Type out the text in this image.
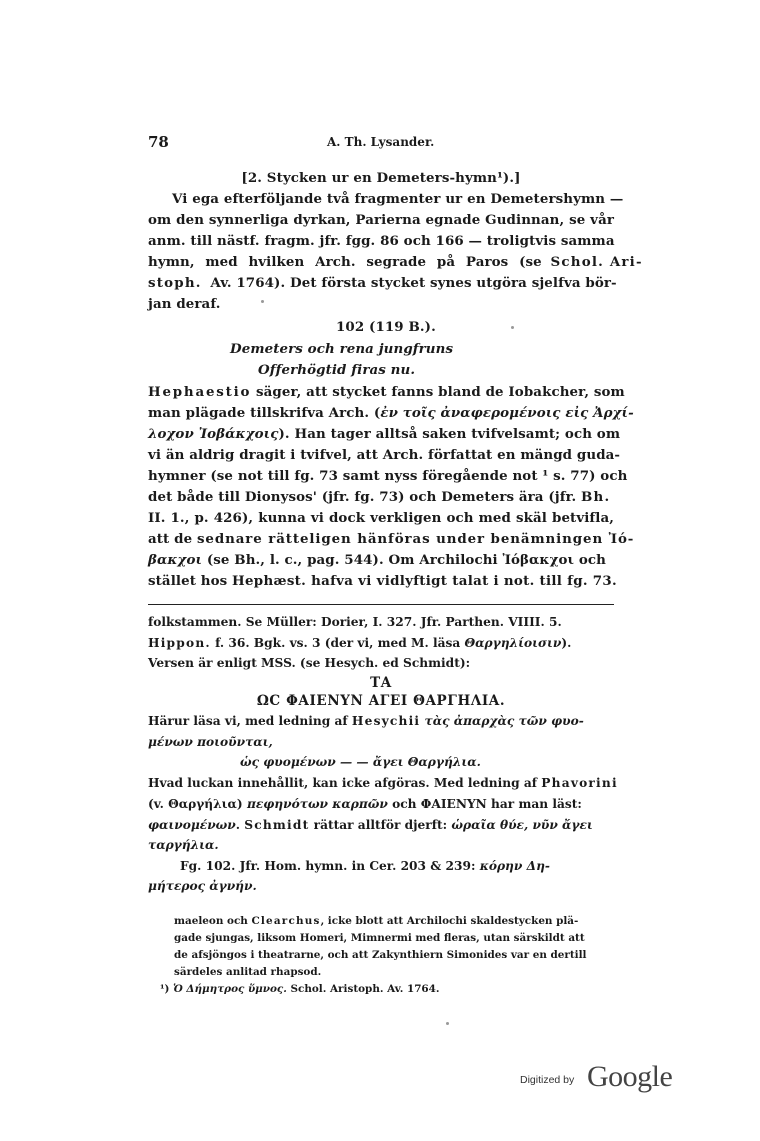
78	A. Th. Lysander.
[2. Stycken ur en Demeters-hymn¹).]
Vi ega efterföljande två fragmenter ur en Demetershymn —
om den synnerliga dyrkan, Parierna egnade Gudinnan, se vår
anm. till nästf. fragm. jfr. fgg. 86 och 166 — troligtvis samma
hymn, med hvilken Arch. segrade på Paros (se Schol. Ari-
stoph. Av. 1764). Det första stycket synes utgöra sjelfva bör-
jan deraf.
102 (119 B.).
Demeters och rena jungfruns
Offerhögtid firas nu.
Hephaestio säger, att stycket fanns bland de Iobakcher, som
man plägade tillskrifva Arch. (ἐν τοῖς ἀναφερομένοις εἰς Ἀρχί-
λοχον Ἰοβάκχοις). Han tager alltså saken tvifvelsamt; och om
vi än aldrig dragit i tvifvel, att Arch. författat en mängd guda-
hymner (se not till fg. 73 samt nyss föregående not ¹ s. 77) och
det både till Dionysos' (jfr. fg. 73) och Demeters ära (jfr. Bh.
II. 1., p. 426), kunna vi dock verkligen och med skäl betvifla,
att de sednare rätteligen hänföras under benämningen Ἰό-
βακχοι (se Bh., l. c., pag. 544). Om Archilochi Ἰόβακχοι och
stället hos Hephæst. hafva vi vidlyftigt talat i not. till fg. 73.
folkstammen. Se Müller: Dorier, I. 327. Jfr. Parthen. VIIII. 5.
Hippon. f. 36. Bgk. vs. 3 (der vi, med M. läsa Θαργηλίοισιν).
Versen är enligt MSS. (se Hesych. ed Schmidt):
ΤΑ
ΩC ΦΑΙΕΝΥΝ ΑΓΕΙ ΘΑΡΓΗΛΙΑ.
Härur läsa vi, med ledning af Hesychii τὰς ἀπαρχὰς τῶν φυο-
μένων ποιοῦνται,
ὡς φυομένων — — ἄγει Θαργήλια.
Hvad luckan innehållit, kan icke afgöras. Med ledning af Phavorini
(v. Θαργήλια) πεφηνότων καρπῶν och ΦΑΙΕΝΥΝ har man läst:
φαινομένων. Schmidt rättar alltför djerft: ὡραῖα θύε, νῦν ἄγει
ταργήλια.
Fg. 102. Jfr. Hom. hymn. in Cer. 203 & 239: κόρην Δη-
μήτερος ἀγνήν.
maeleon och Clearchus, icke blott att Archilochi skaldestycken plä-
gade sjungas, liksom Homeri, Mimnermi med fleras, utan särskildt att
de afsjöngos i theatrarne, och att Zakynthiern Simonides var en dertill
särdeles anlitad rhapsod.
¹) Ὁ Δήμητρος ὕμνος. Schol. Aristoph. Av. 1764.
Digitized by Google
